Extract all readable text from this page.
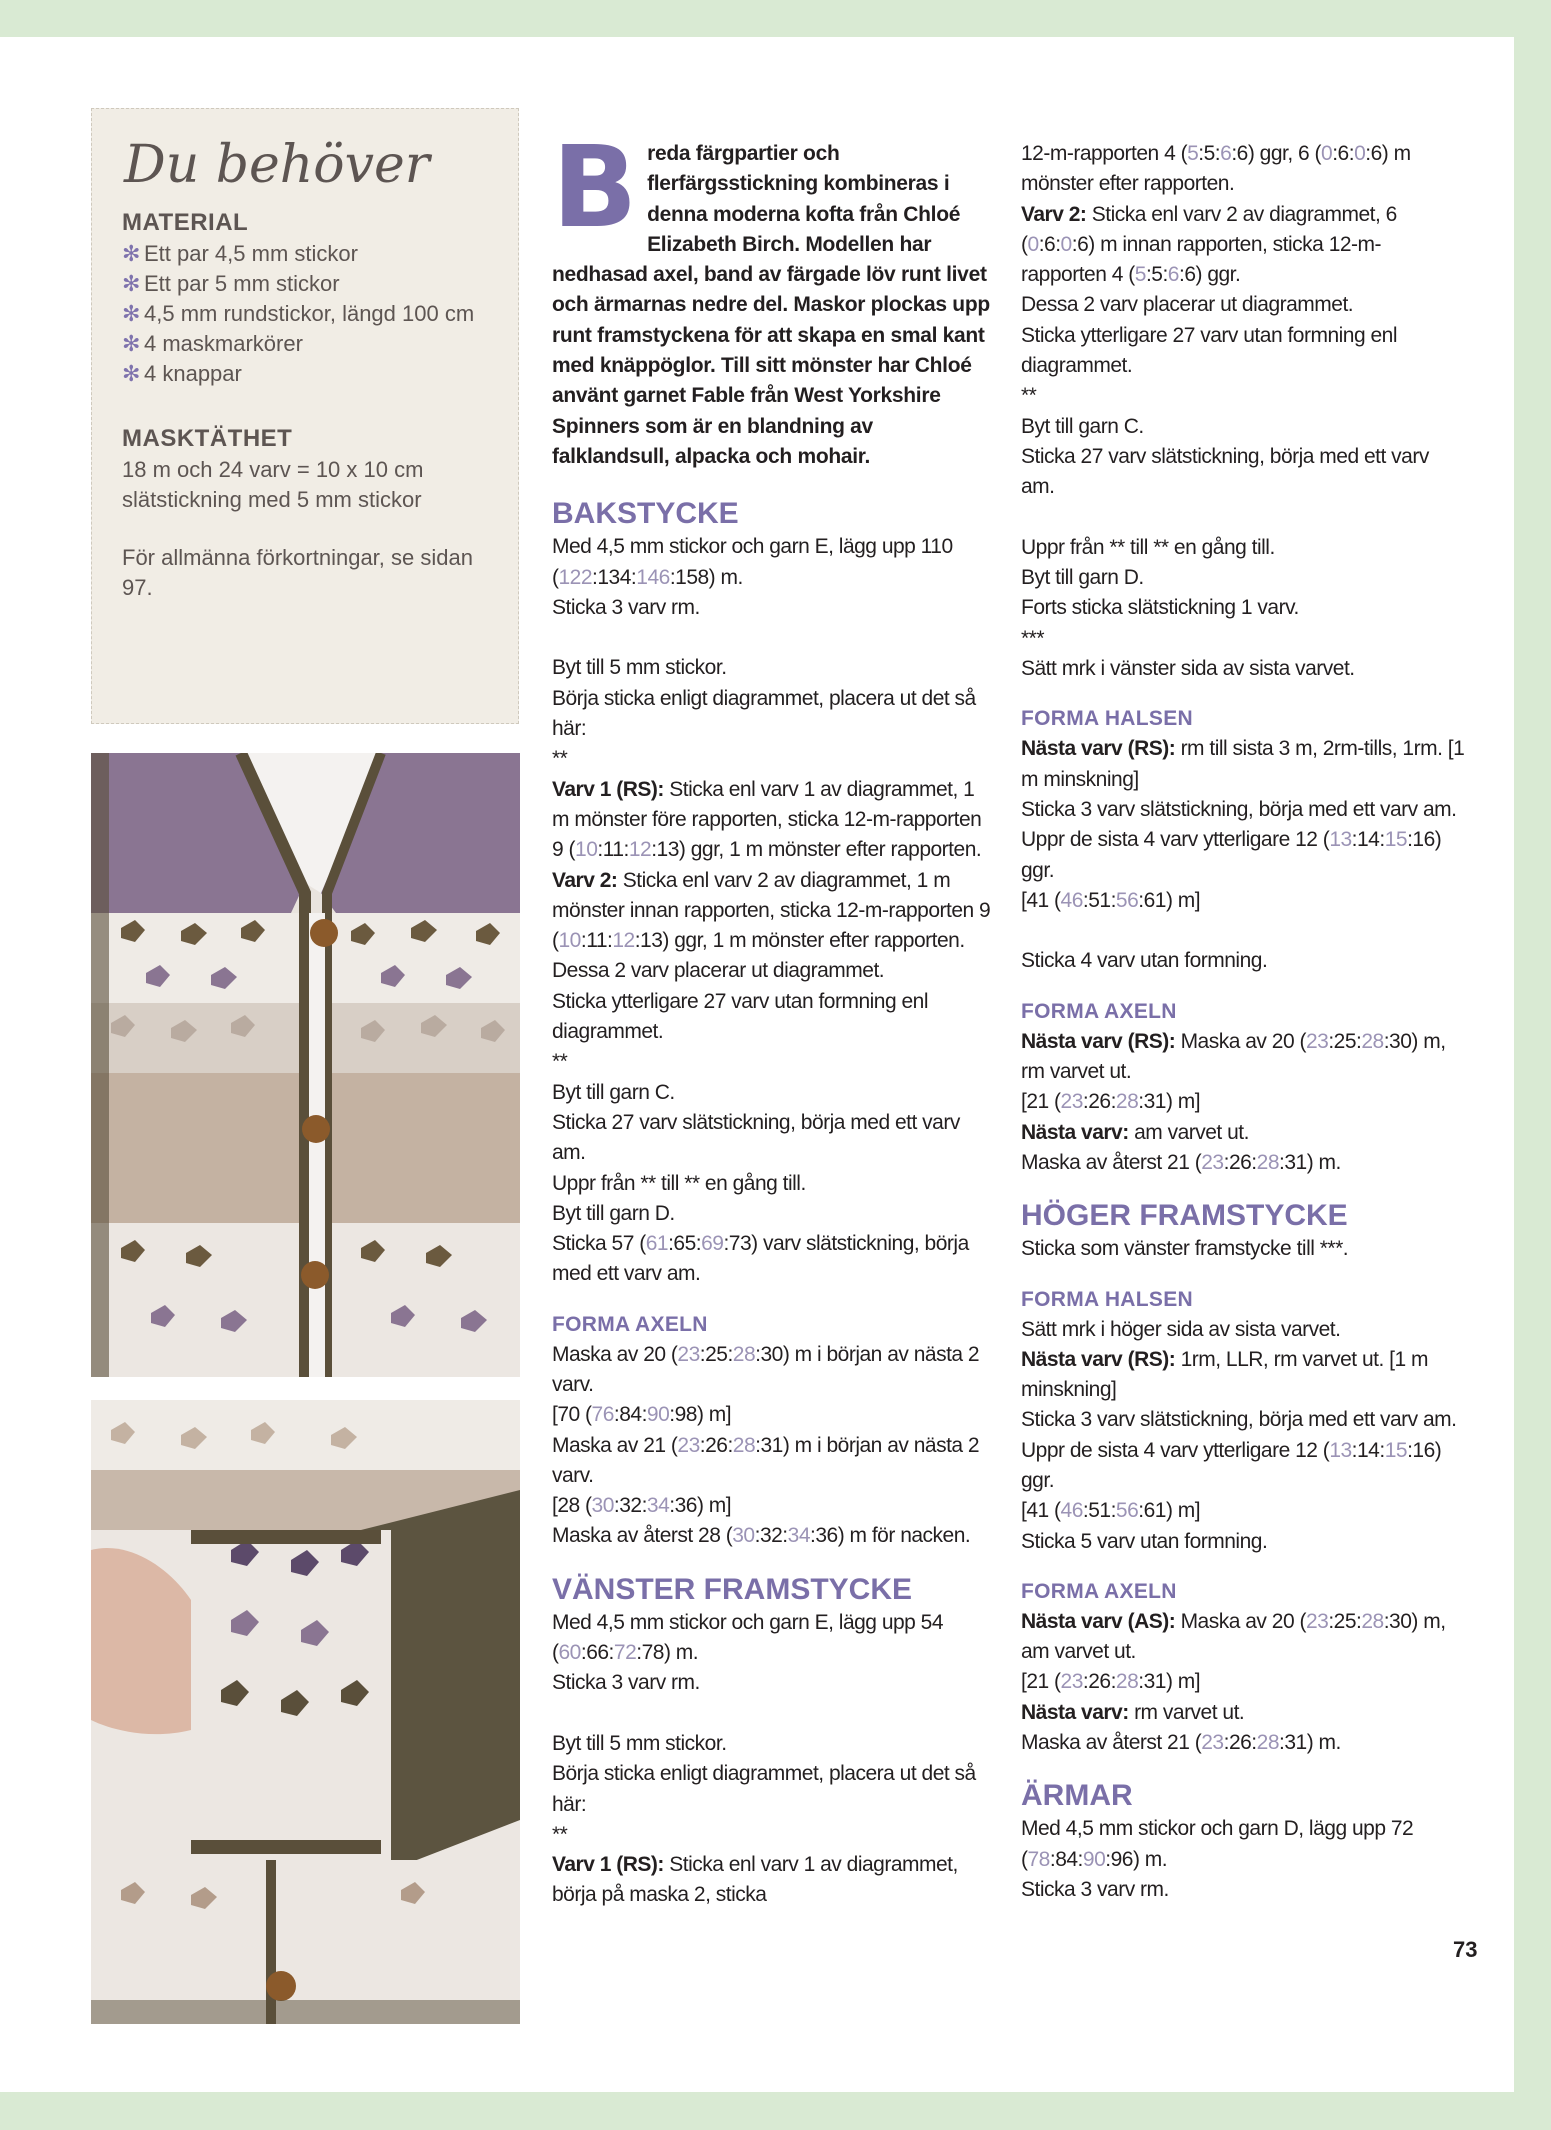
Du behöver
MATERIAL
✻ Ett par 4,5 mm stickor
✻ Ett par 5 mm stickor
✻ 4,5 mm rundstickor, längd 100 cm
✻ 4 maskmarkörer
✻ 4 knappar
MASKTÄTHET

18 m och 24 varv = 10 x 10 cm slätstickning med 5 mm stickor

För allmänna förkortningar, se sidan 97.

Breda färgpartier och flerfärgsstickning kombineras i denna moderna kofta från Chloé Elizabeth Birch. Modellen har nedhasad axel, band av färgade löv runt livet och ärmarnas nedre del. Maskor plockas upp runt framstyckena för att skapa en smal kant med knäppöglor. Till sitt mönster har Chloé använt garnet Fable från West Yorkshire Spinners som är en blandning av falklandsull, alpacka och mohair.

BAKSTYCKE

Med 4,5 mm stickor och garn E, lägg upp 110 (122:134:146:158) m.

Sticka 3 varv rm.

Byt till 5 mm stickor.

Börja sticka enligt diagrammet, placera ut det så här:

**

Varv 1 (RS): Sticka enl varv 1 av diagrammet, 1 m mönster före rapporten, sticka 12-m-rapporten 9 (10:11:12:13) ggr, 1 m mönster efter rapporten.

Varv 2: Sticka enl varv 2 av diagrammet, 1 m mönster innan rapporten, sticka 12-m-rapporten 9 (10:11:12:13) ggr, 1 m mönster efter rapporten.

Dessa 2 varv placerar ut diagrammet.

Sticka ytterligare 27 varv utan formning enl diagrammet.

**

Byt till garn C.

Sticka 27 varv slätstickning, börja med ett varv am.

Uppr från ** till ** en gång till.

Byt till garn D.

Sticka 57 (61:65:69:73) varv slätstickning, börja med ett varv am.

FORMA AXELN

Maska av 20 (23:25:28:30) m i början av nästa 2 varv.

[70 (76:84:90:98) m]

Maska av 21 (23:26:28:31) m i början av nästa 2 varv.

[28 (30:32:34:36) m]

Maska av återst 28 (30:32:34:36) m för nacken.

VÄNSTER FRAMSTYCKE

Med 4,5 mm stickor och garn E, lägg upp 54 (60:66:72:78) m.

Sticka 3 varv rm.

Byt till 5 mm stickor.

Börja sticka enligt diagrammet, placera ut det så här:

**

Varv 1 (RS): Sticka enl varv 1 av diagrammet, börja på maska 2, sticka

12-m-rapporten 4 (5:5:6:6) ggr, 6 (0:6:0:6) m mönster efter rapporten.

Varv 2: Sticka enl varv 2 av diagrammet, 6 (0:6:0:6) m innan rapporten, sticka 12-m-rapporten 4 (5:5:6:6) ggr.

Dessa 2 varv placerar ut diagrammet.

Sticka ytterligare 27 varv utan formning enl diagrammet.

**

Byt till garn C.

Sticka 27 varv slätstickning, börja med ett varv am.

Uppr från ** till ** en gång till.

Byt till garn D.

Forts sticka slätstickning 1 varv.

***

Sätt mrk i vänster sida av sista varvet.

FORMA HALSEN

Nästa varv (RS): rm till sista 3 m, 2rm-tills, 1rm. [1 m minskning]

Sticka 3 varv slätstickning, börja med ett varv am.

Uppr de sista 4 varv ytterligare 12 (13:14:15:16) ggr.

[41 (46:51:56:61) m]

Sticka 4 varv utan formning.

FORMA AXELN

Nästa varv (RS): Maska av 20 (23:25:28:30) m, rm varvet ut.

[21 (23:26:28:31) m]

Nästa varv: am varvet ut.

Maska av återst 21 (23:26:28:31) m.

HÖGER FRAMSTYCKE

Sticka som vänster framstycke till ***.

FORMA HALSEN

Sätt mrk i höger sida av sista varvet.

Nästa varv (RS): 1rm, LLR, rm varvet ut. [1 m minskning]

Sticka 3 varv slätstickning, börja med ett varv am.

Uppr de sista 4 varv ytterligare 12 (13:14:15:16) ggr.

[41 (46:51:56:61) m]

Sticka 5 varv utan formning.

FORMA AXELN

Nästa varv (AS): Maska av 20 (23:25:28:30) m, am varvet ut.

[21 (23:26:28:31) m]

Nästa varv: rm varvet ut.

Maska av återst 21 (23:26:28:31) m.

ÄRMAR

Med 4,5 mm stickor och garn D, lägg upp 72 (78:84:90:96) m.

Sticka 3 varv rm.

73
